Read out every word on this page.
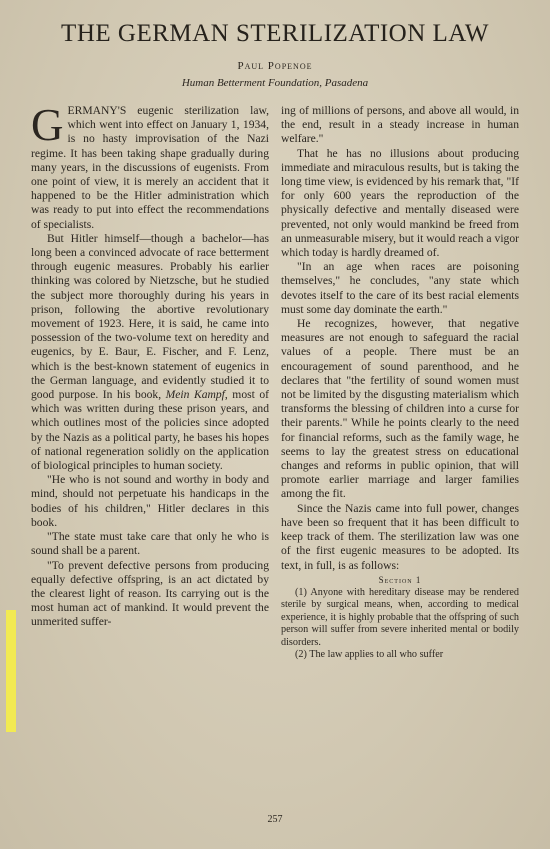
THE GERMAN STERILIZATION LAW
Paul Popenoe
Human Betterment Foundation, Pasadena

GERMANY'S eugenic sterilization law, which went into effect on January 1, 1934, is no hasty improvisation of the Nazi regime. It has been taking shape gradually during many years, in the discussions of eugenists. From one point of view, it is merely an accident that it happened to be the Hitler administration which was ready to put into effect the recommendations of specialists.

But Hitler himself—though a bachelor—has long been a convinced advocate of race betterment through eugenic measures. Probably his earlier thinking was colored by Nietzsche, but he studied the subject more thoroughly during his years in prison, following the abortive revolutionary movement of 1923. Here, it is said, he came into possession of the two-volume text on heredity and eugenics, by E. Baur, E. Fischer, and F. Lenz, which is the best-known statement of eugenics in the German language, and evidently studied it to good purpose. In his book, Mein Kampf, most of which was written during these prison years, and which outlines most of the policies since adopted by the Nazis as a political party, he bases his hopes of national regeneration solidly on the application of biological principles to human society.

"He who is not sound and worthy in body and mind, should not perpetuate his handicaps in the bodies of his children," Hitler declares in this book.

"The state must take care that only he who is sound shall be a parent.

"To prevent defective persons from producing equally defective offspring, is an act dictated by the clearest light of reason. Its carrying out is the most human act of mankind. It would prevent the unmerited suffer-

ing of millions of persons, and above all would, in the end, result in a steady increase in human welfare."

That he has no illusions about producing immediate and miraculous results, but is taking the long time view, is evidenced by his remark that, "If for only 600 years the reproduction of the physically defective and mentally diseased were prevented, not only would mankind be freed from an unmeasurable misery, but it would reach a vigor which today is hardly dreamed of.

"In an age when races are poisoning themselves," he concludes, "any state which devotes itself to the care of its best racial elements must some day dominate the earth."

He recognizes, however, that negative measures are not enough to safeguard the racial values of a people. There must be an encouragement of sound parenthood, and he declares that "the fertility of sound women must not be limited by the disgusting materialism which transforms the blessing of children into a curse for their parents." While he points clearly to the need for financial reforms, such as the family wage, he seems to lay the greatest stress on educational changes and reforms in public opinion, that will promote earlier marriage and larger families among the fit.

Since the Nazis came into full power, changes have been so frequent that it has been difficult to keep track of them. The sterilization law was one of the first eugenic measures to be adopted. Its text, in full, is as follows:

Section 1

(1) Anyone with hereditary disease may be rendered sterile by surgical means, when, according to medical experience, it is highly probable that the offspring of such person will suffer from severe inherited mental or bodily disorders.

(2) The law applies to all who suffer

257
